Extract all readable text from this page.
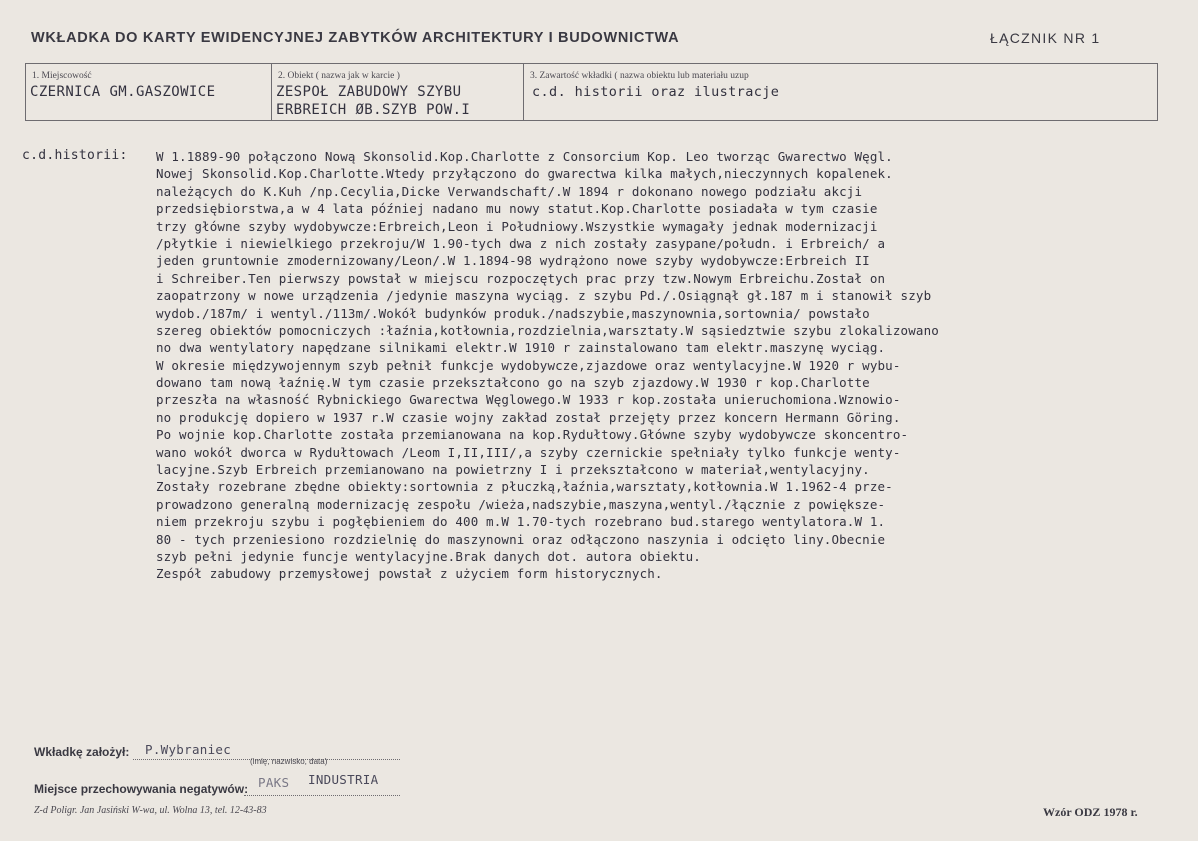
WKŁADKA DO KARTY EWIDENCYJNEJ ZABYTKÓW ARCHITEKTURY I BUDOWNICTWA	ŁĄCZNIK NR 1
1. Miejscowość
CZERNICA GM.GASZOWICE
2. Obiekt ( nazwa jak w karcie )
ZESPOŁ ZABUDOWY SZYBU
ERBREICH ØB.SZYB POW.I
3. Zawartość wkładki ( nazwa obiektu lub materiału uzup
c.d. historii oraz ilustracje
c.d.historii: W 1.1889-90 połączono Nową Skonsolid.Kop.Charlotte z Consorcium Kop. Leo tworząc Gwarectwo Węgl.
Nowej Skonsolid.Kop.Charlotte.Wtedy przyłączono do gwarectwa kilka małych,nieczynnych kopalenek.
należących do K.Kuh /np.Cecylia,Dicke Verwandschaft/.W 1894 r dokonano nowego podziału akcji
przedsiębiorstwa,a w 4 lata później nadano mu nowy statut.Kop.Charlotte posiadała w tym czasie
trzy główne szyby wydobywcze:Erbreich,Leon i Południowy.Wszystkie wymagały jednak modernizacji
/płytkie i niewielkiego przekroju/W 1.90-tych dwa z nich zostały zasypane/połudn. i Erbreich/ a
jeden gruntownie zmodernizowany/Leon/.W 1.1894-98 wydrążono nowe szyby wydobywcze:Erbreich II
i Schreiber.Ten pierwszy powstał w miejscu rozpoczętych prac przy tzw.Nowym Erbreichu.Został on
zaopatrzony w nowe urządzenia /jedynie maszyna wyciąg. z szybu Pd./.Osiągnął gł.187 m i stanowił szyb
wydob./187m/ i wentyl./113m/.Wokół budynków produk./nadszybie,maszynownia,sortownia/ powstało
szereg obiektów pomocniczych :łaźnia,kotłownia,rozdzielnia,warsztaty.W sąsiedztwie szybu zlokalizowano
no dwa wentylatory napędzane silnikami elektr.W 1910 r zainstalowano tam elektr.maszynę wyciąg.
W okresie międzywojennym szyb pełnił funkcje wydobywcze,zjazdowe oraz wentylacyjne.W 1920 r wybu-
dowano tam nową łaźnię.W tym czasie przekształcono go na szyb zjazdowy.W 1930 r kop.Charlotte
przeszła na własność Rybnickiego Gwarectwa Węglowego.W 1933 r kop.została unieruchomiona.Wznowio-
no produkcję dopiero w 1937 r.W czasie wojny zakład został przejęty przez koncern Hermann Göring.
Po wojnie kop.Charlotte została przemianowana na kop.Rydułtowy.Główne szyby wydobywcze skoncentro-
wano wokół dworca w Rydułtowach /Leom I,II,III/,a szyby czernickie spełniały tylko funkcje wenty-
lacyjne.Szyb Erbreich przemianowano na powietrzny I i przekształcono w materiał,wentylacyjny.
Zostały rozebrane zbędne obiekty:sortownia z płuczką,łaźnia,warsztaty,kotłownia.W 1.1962-4 prze-
prowadzono generalną modernizację zespołu /wieża,nadszybie,maszyna,wentyl./łącznie z powiększe-
niem przekroju szybu i pogłębieniem do 400 m.W 1.70-tych rozebrano bud.starego wentylatora.W 1.
80 - tych przeniesiono rozdzielnię do maszynowni oraz odłączono naszynia i odcięto liny.Obecnie
szyb pełni jedynie funcje wentylacyjne.Brak danych dot. autora obiektu.
Zespół zabudowy przemysłowej powstał z użyciem form historycznych.
Wkładkę założył: P.Wybraniec
(imię, nazwisko, data)
Miejsce przechowywania negatywów: PAKS INDUSTRIA
Z-d Poligr. Jan Jasiński W-wa, ul. Wolna 13, tel. 12-43-83	Wzór ODZ 1978 r.
